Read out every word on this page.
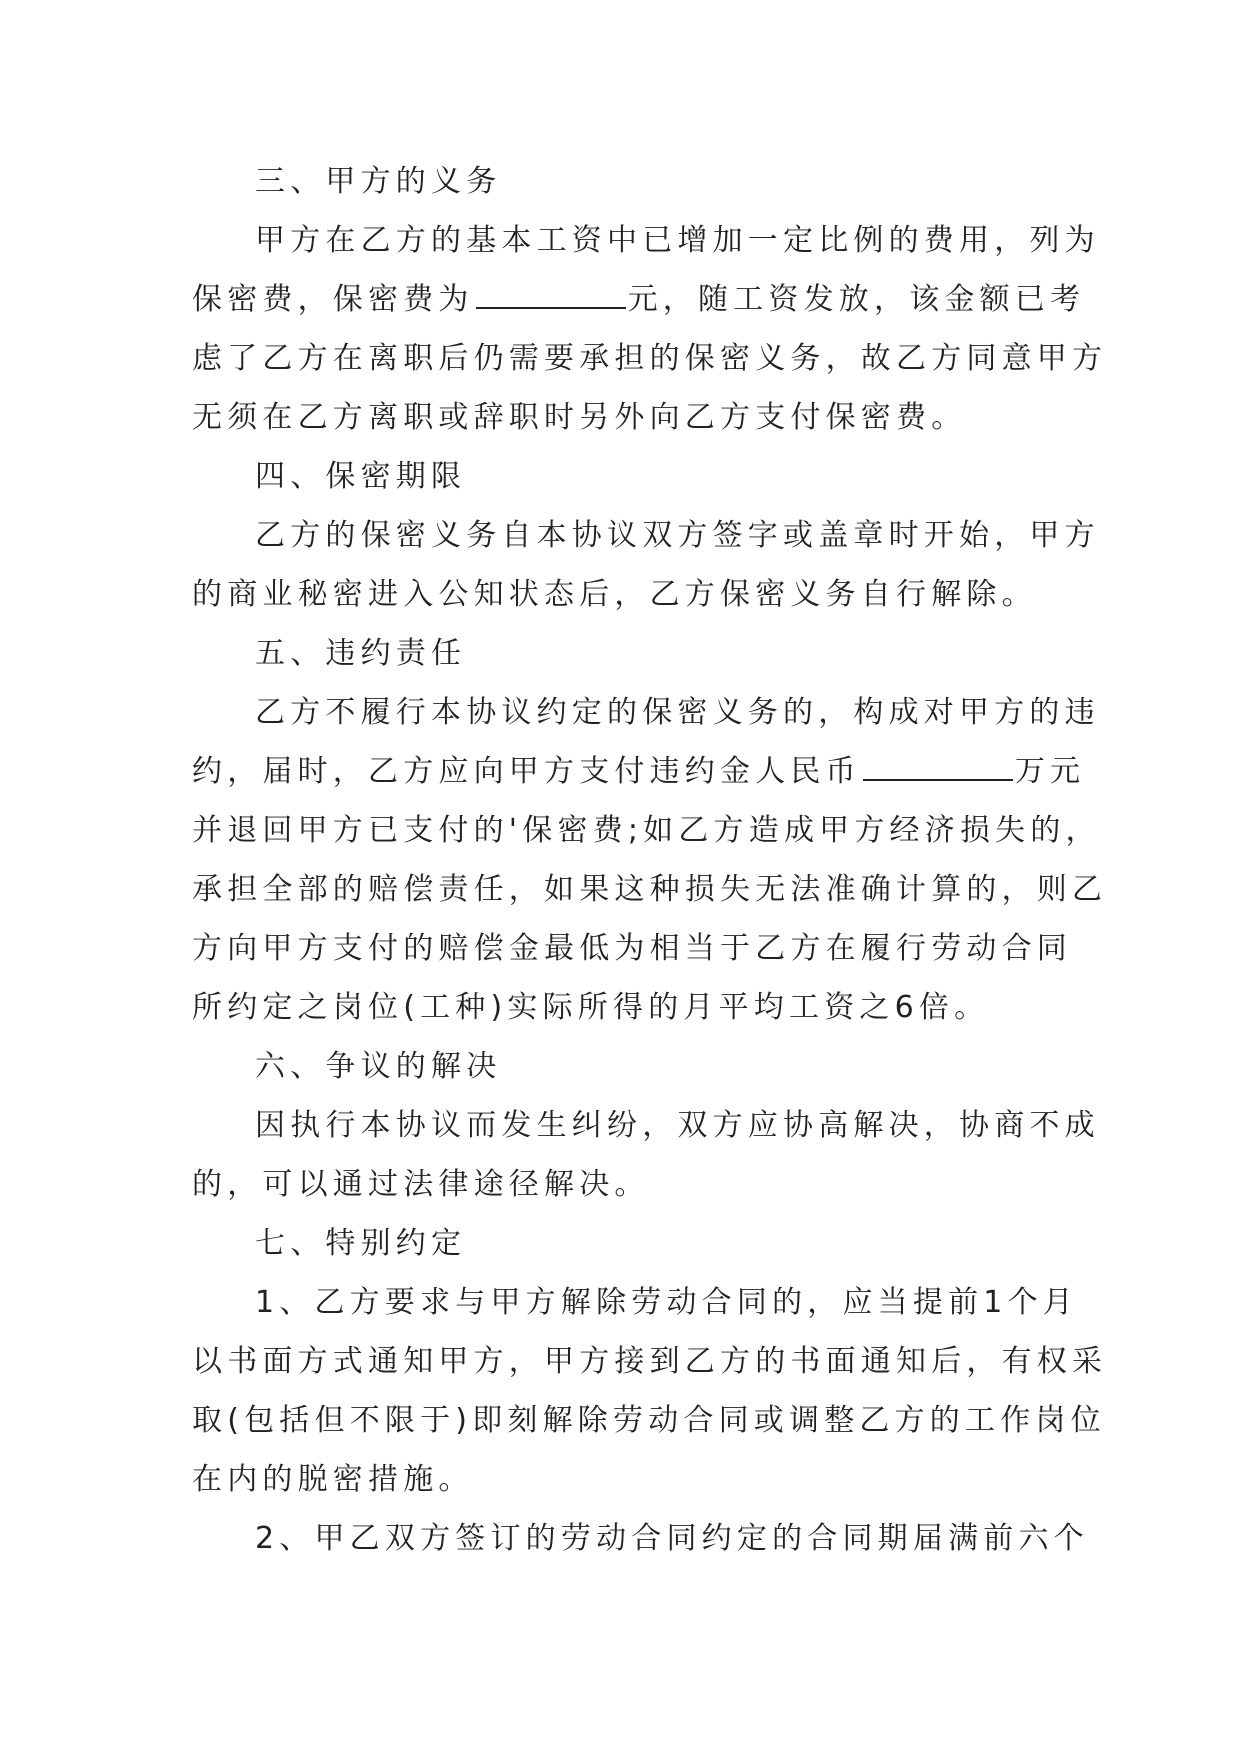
三、甲方的义务
甲方在乙方的基本工资中已增加一定比例的费用，列为
保密费，保密费为	元，随工资发放，该金额已考
虑了乙方在离职后仍需要承担的保密义务，故乙方同意甲方
无须在乙方离职或辞职时另外向乙方支付保密费。
四、保密期限
乙方的保密义务自本协议双方签字或盖章时开始，甲方
的商业秘密进入公知状态后，乙方保密义务自行解除。
五、违约责任
乙方不履行本协议约定的保密义务的，构成对甲方的违
约，届时，乙方应向甲方支付违约金人民币	万元
并退回甲方已支付的'保密费;如乙方造成甲方经济损失的，
承担全部的赔偿责任，如果这种损失无法准确计算的，则乙
方向甲方支付的赔偿金最低为相当于乙方在履行劳动合同
所约定之岗位(工种)实际所得的月平均工资之6倍。
六、争议的解决
因执行本协议而发生纠纷，双方应协高解决，协商不成
的，可以通过法律途径解决。
七、特别约定
1、乙方要求与甲方解除劳动合同的，应当提前1个月
以书面方式通知甲方，甲方接到乙方的书面通知后，有权采
取(包括但不限于)即刻解除劳动合同或调整乙方的工作岗位
在内的脱密措施。
2、甲乙双方签订的劳动合同约定的合同期届满前六个
